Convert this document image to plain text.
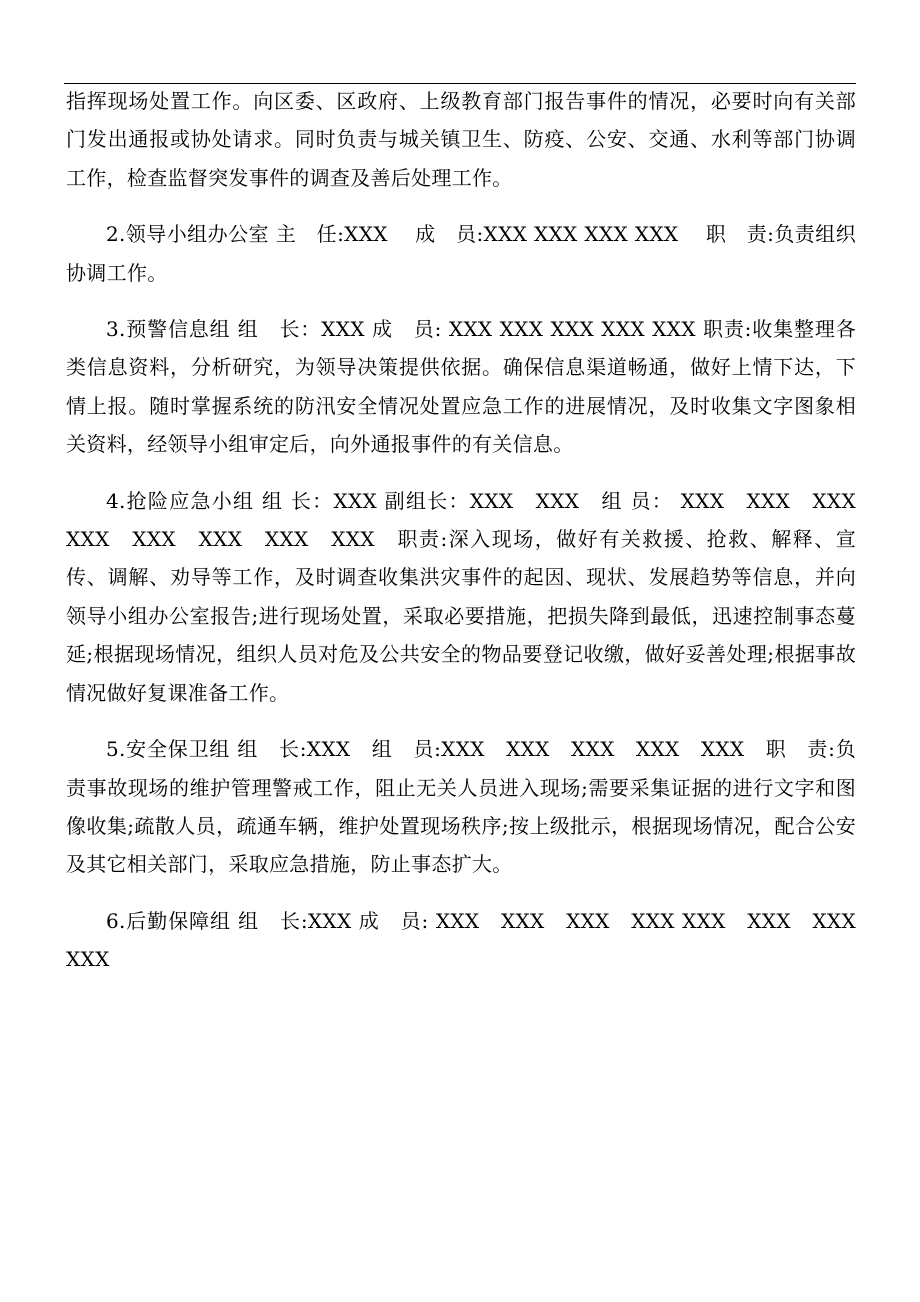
指挥现场处置工作。向区委、区政府、上级教育部门报告事件的情况，必要时向有关部门发出通报或协处请求。同时负责与城关镇卫生、防疫、公安、交通、水利等部门协调工作，检查监督突发事件的调查及善后处理工作。

2.领导小组办公室 主　任:XXX　 成　员:XXX XXX XXX XXX　 职　责:负责组织协调工作。

3.预警信息组 组　长：XXX 成　员: XXX XXX XXX XXX XXX 职责:收集整理各类信息资料，分析研究，为领导决策提供依据。确保信息渠道畅通，做好上情下达，下情上报。随时掌握系统的防汛安全情况处置应急工作的进展情况，及时收集文字图象相关资料，经领导小组审定后，向外通报事件的有关信息。

4.抢险应急小组 组 长：XXX 副组长：XXX　XXX　组 员： XXX　XXX　XXX　XXX　XXX　XXX　XXX　XXX　职责:深入现场，做好有关救援、抢救、解释、宣传、调解、劝导等工作，及时调查收集洪灾事件的起因、现状、发展趋势等信息，并向领导小组办公室报告;进行现场处置，采取必要措施，把损失降到最低，迅速控制事态蔓延;根据现场情况，组织人员对危及公共安全的物品要登记收缴，做好妥善处理;根据事故情况做好复课准备工作。

5.安全保卫组 组　长:XXX　组　员:XXX　XXX　XXX　XXX　XXX　职　责:负责事故现场的维护管理警戒工作，阻止无关人员进入现场;需要采集证据的进行文字和图像收集;疏散人员，疏通车辆，维护处置现场秩序;按上级批示，根据现场情况，配合公安及其它相关部门，采取应急措施，防止事态扩大。

6.后勤保障组 组　长:XXX 成　员: XXX　XXX　XXX　XXX XXX　XXX　XXX　XXX
